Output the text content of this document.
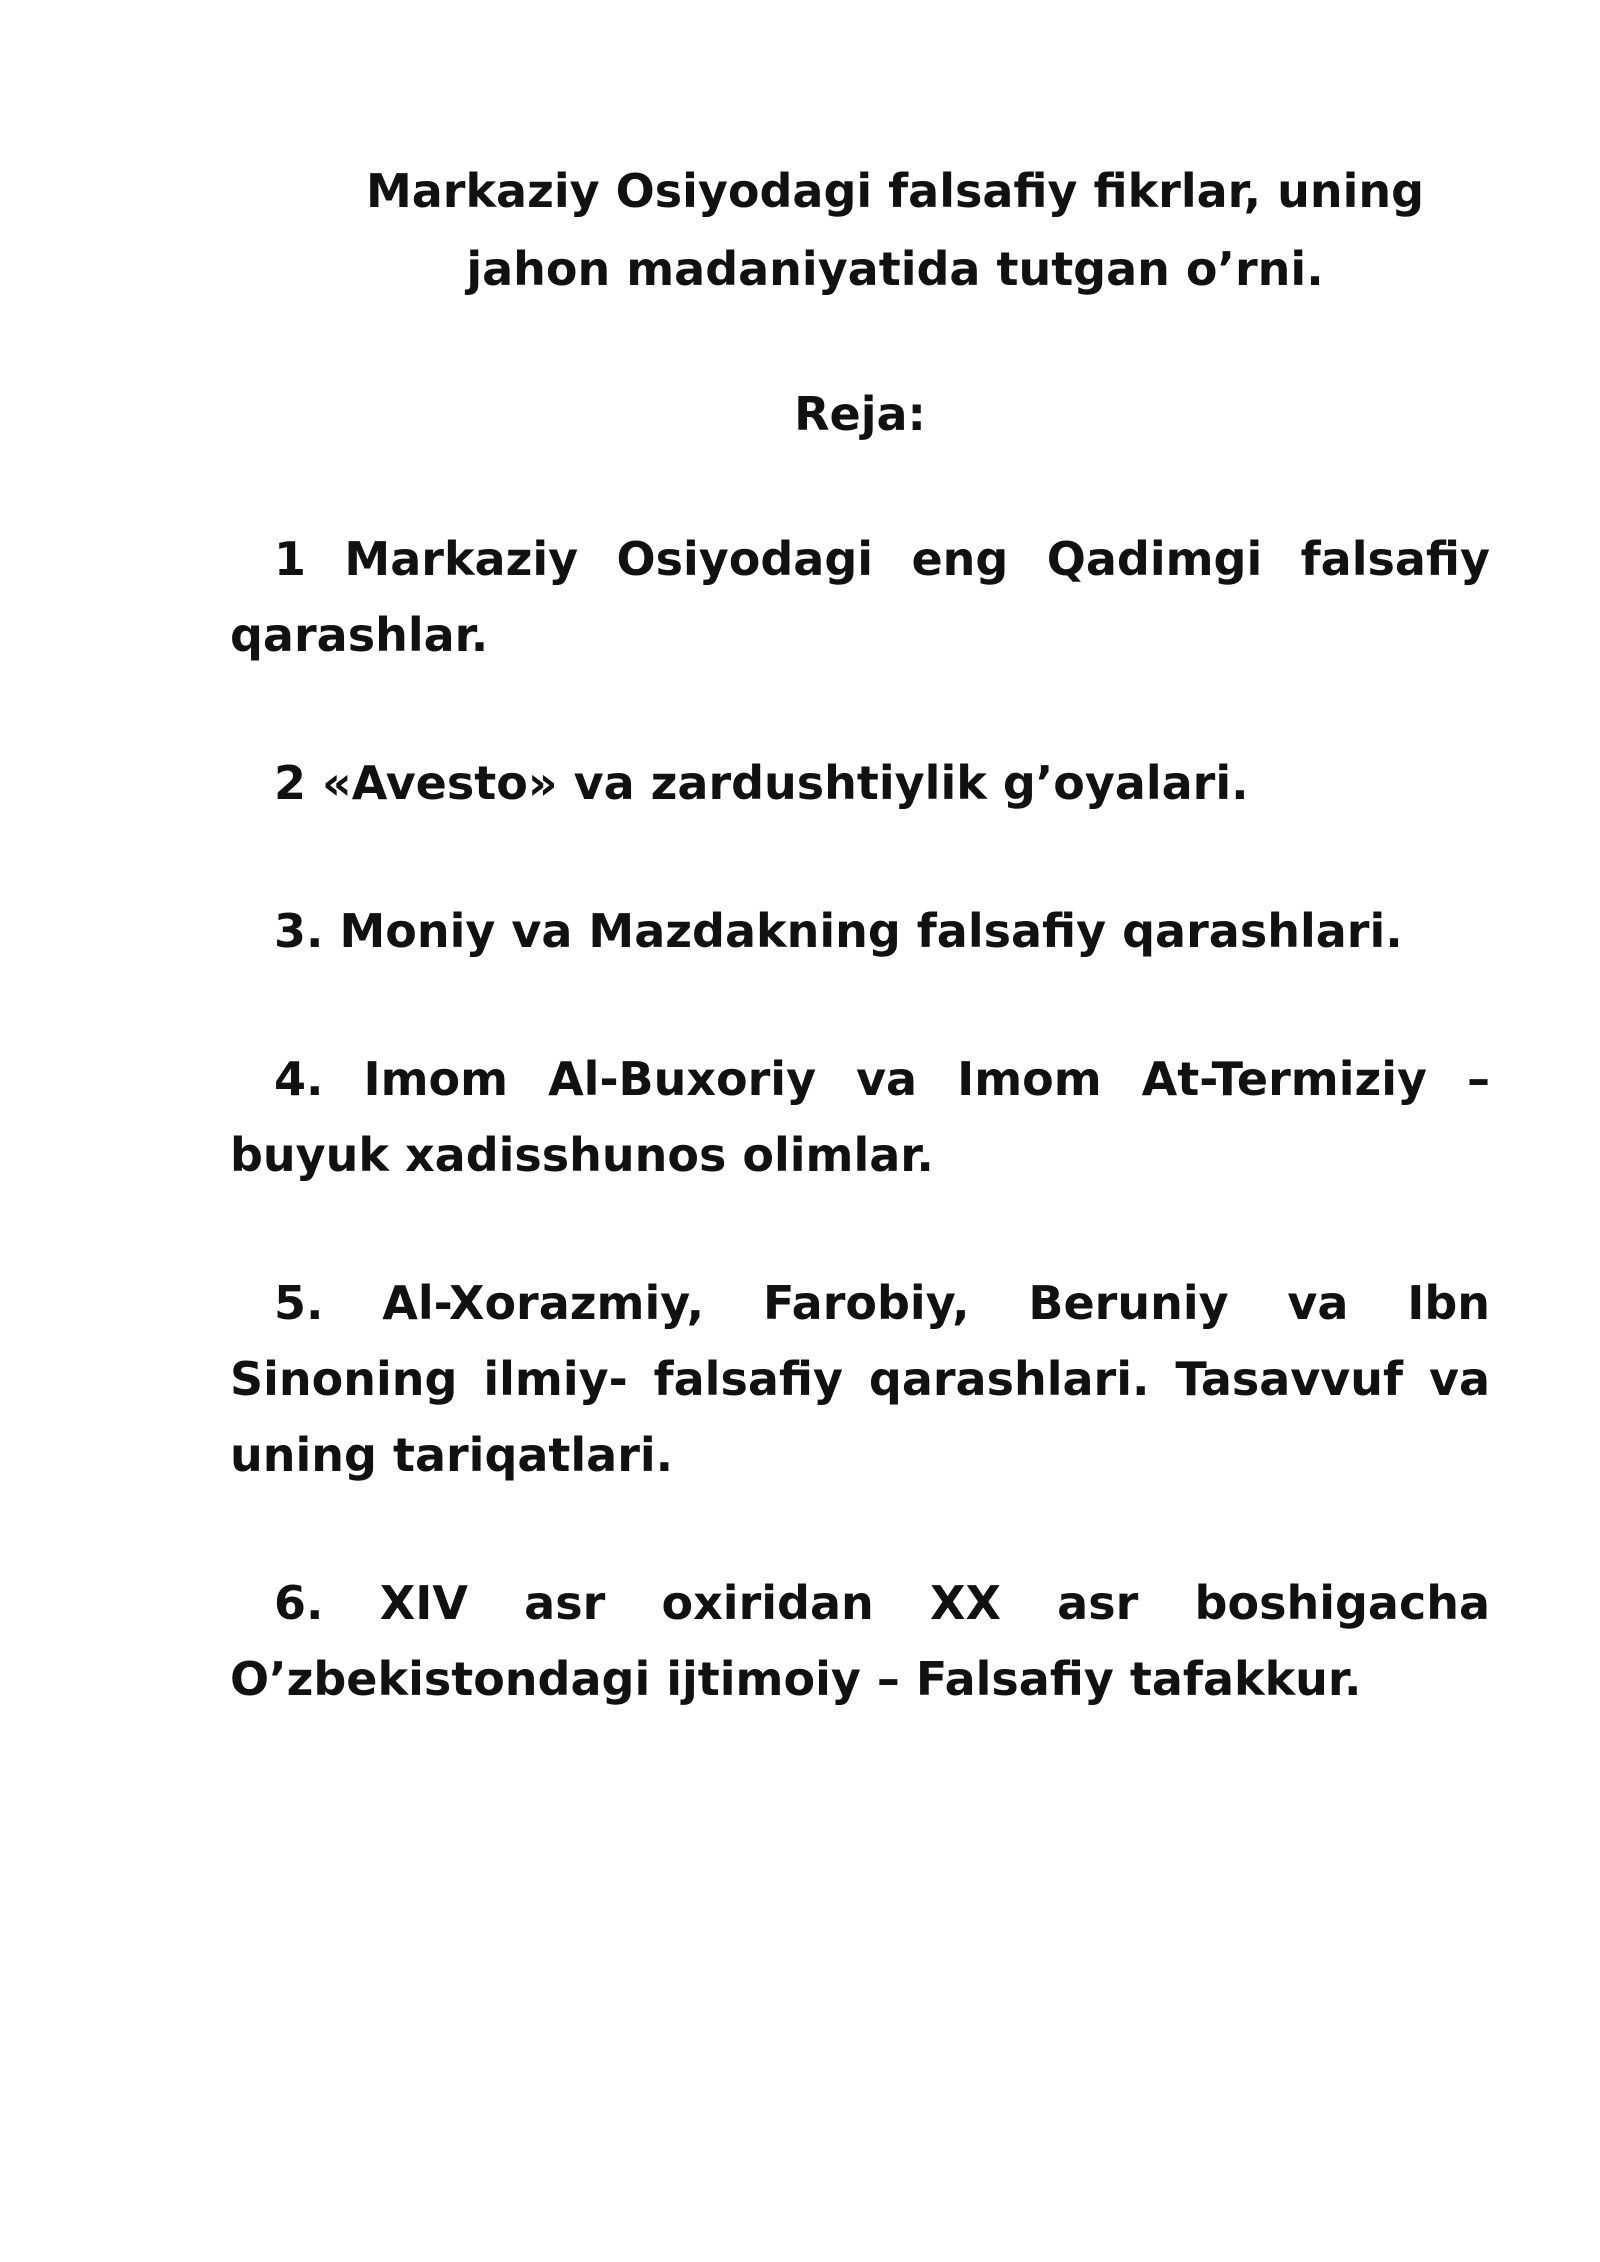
Markaziy Osiyodagi falsafiy fikrlar, uning
jahon madaniyatida tutgan o’rni.
Reja:

1 Markaziy Osiyodagi eng Qadimgi falsafiy qarashlar.

2 «Avesto» va zardushtiylik g’oyalari.

3. Moniy va Mazdakning falsafiy qarashlari.

4. Imom Al-Buxoriy va Imom At-Termiziy – buyuk xadisshunos olimlar.

5. Al-Xorazmiy, Farobiy, Beruniy va Ibn Sinoning ilmiy- falsafiy qarashlari. Tasavvuf va uning tariqatlari.

6. XIV asr oxiridan XX asr boshigacha O’zbekistondagi ijtimoiy – Falsafiy tafakkur.
